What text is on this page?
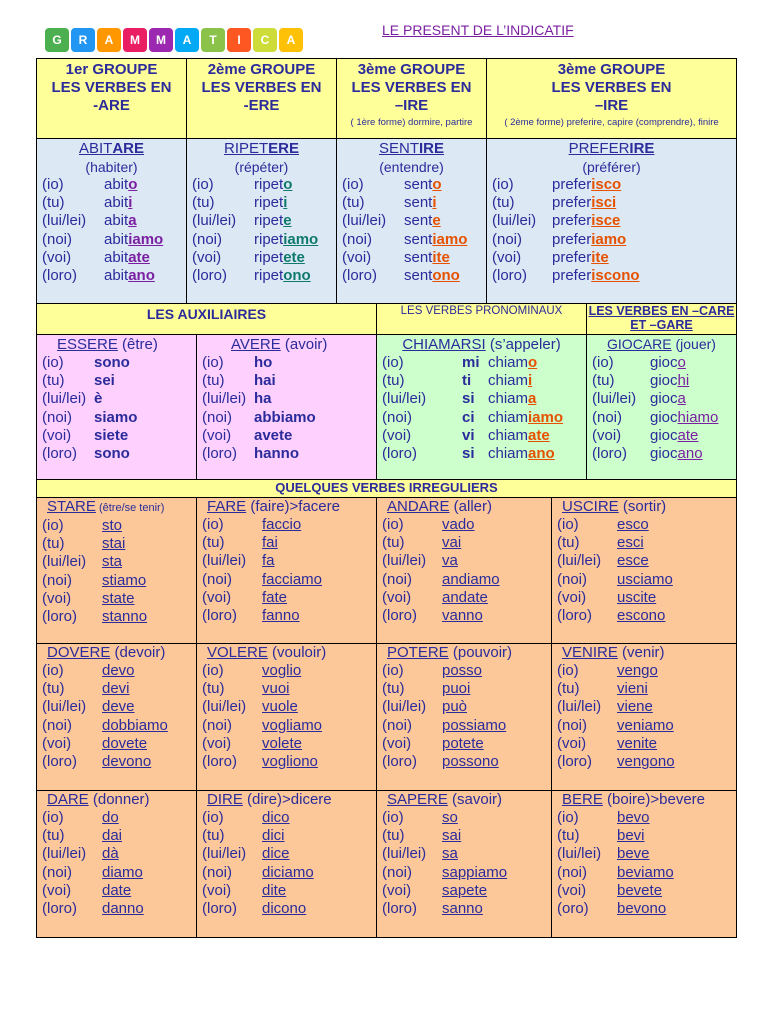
G	R	A	M	M	A	T	I	C	A
LE PRESENT DE L’INDICATIF
1er GROUPE
LES VERBES EN
-ARE
2ème GROUPE
LES VERBES EN
-ERE
3ème GROUPE
LES VERBES EN
–IRE
( 1ère forme) dormire, partire
3ème GROUPE
LES VERBES EN
–IRE
( 2ème forme) preferire, capire (comprendre), finire
ABITARE
(habiter)
(io)	abito
(tu)	abiti
(lui/lei)	abita
(noi)	abitiamo
(voi)	abitate
(loro)	abitano
RIPETERE
(répéter)
(io)	ripeto
(tu)	ripeti
(lui/lei)	ripete
(noi)	ripetiamo
(voi)	ripetete
(loro)	ripetono
SENTIRE
(entendre)
(io)	sento
(tu)	senti
(lui/lei)	sente
(noi)	sentiamo
(voi)	sentite
(loro)	sentono
PREFERIRE
(préférer)
(io)	preferisco
(tu)	preferisci
(lui/lei)	preferisce
(noi)	preferiamo
(voi)	preferite
(loro)	preferiscono
LES AUXILIAIRES	LES VERBES PRONOMINAUX	LES VERBES EN –CARE ET –GARE
ESSERE (être)
(io)	sono
(tu)	sei
(lui/lei) è
(noi)	siamo
(voi)	siete
(loro)	sono
AVERE (avoir)
(io)	ho
(tu)	hai
(lui/lei) ha
(noi)	abbiamo
(voi)	avete
(loro)	hanno
CHIAMARSI (s’appeler)
(io)	mi chiamo
(tu)	ti	chiami
(lui/lei)	si chiama
(noi)	ci chiamiamo
(voi)	vi chiamate
(loro)	si chiamano
GIOCARE (jouer)
(io)	gioco
(tu)	giochi
(lui/lei) gioca
(noi)	giochiamo
(voi)	giocate
(loro)	giocano
QUELQUES VERBES IRREGULIERS
STARE (être/se tenir)
(io)	sto
(tu)	stai
(lui/lei)	sta
(noi)	stiamo
(voi)	state
(loro)	stanno
FARE (faire)>facere
(io)	faccio
(tu)	fai
(lui/lei)	fa
(noi)	facciamo
(voi)	fate
(loro)	fanno
ANDARE (aller)
(io)	vado
(tu)	vai
(lui/lei)	va
(noi)	andiamo
(voi)	andate
(loro)	vanno
USCIRE (sortir)
(io)	esco
(tu)	esci
(lui/lei)	esce
(noi)	usciamo
(voi)	uscite
(loro)	escono
DOVERE (devoir)
(io)	devo
(tu)	devi
(lui/lei)	deve
(noi)	dobbiamo
(voi)	dovete
(loro)	devono
VOLERE (vouloir)
(io)	voglio
(tu)	vuoi
(lui/lei)	vuole
(noi)	vogliamo
(voi)	volete
(loro)	vogliono
POTERE (pouvoir)
(io)	posso
(tu)	puoi
(lui/lei)	può
(noi)	possiamo
(voi)	potete
(loro)	possono
VENIRE (venir)
(io)	vengo
(tu)	vieni
(lui/lei)	viene
(noi)	veniamo
(voi)	venite
(loro)	vengono
DARE (donner)
(io)	do
(tu)	dai
(lui/lei)	dà
(noi)	diamo
(voi)	date
(loro)	danno
DIRE (dire)>dicere
(io)	dico
(tu)	dici
(lui/lei)	dice
(noi)	diciamo
(voi)	dite
(loro)	dicono
SAPERE (savoir)
(io)	so
(tu)	sai
(lui/lei)	sa
(noi)	sappiamo
(voi)	sapete
(loro)	sanno
BERE (boire)>bevere
(io)	bevo
(tu)	bevi
(lui/lei)	beve
(noi)	beviamo
(voi)	bevete
(oro)	bevono
